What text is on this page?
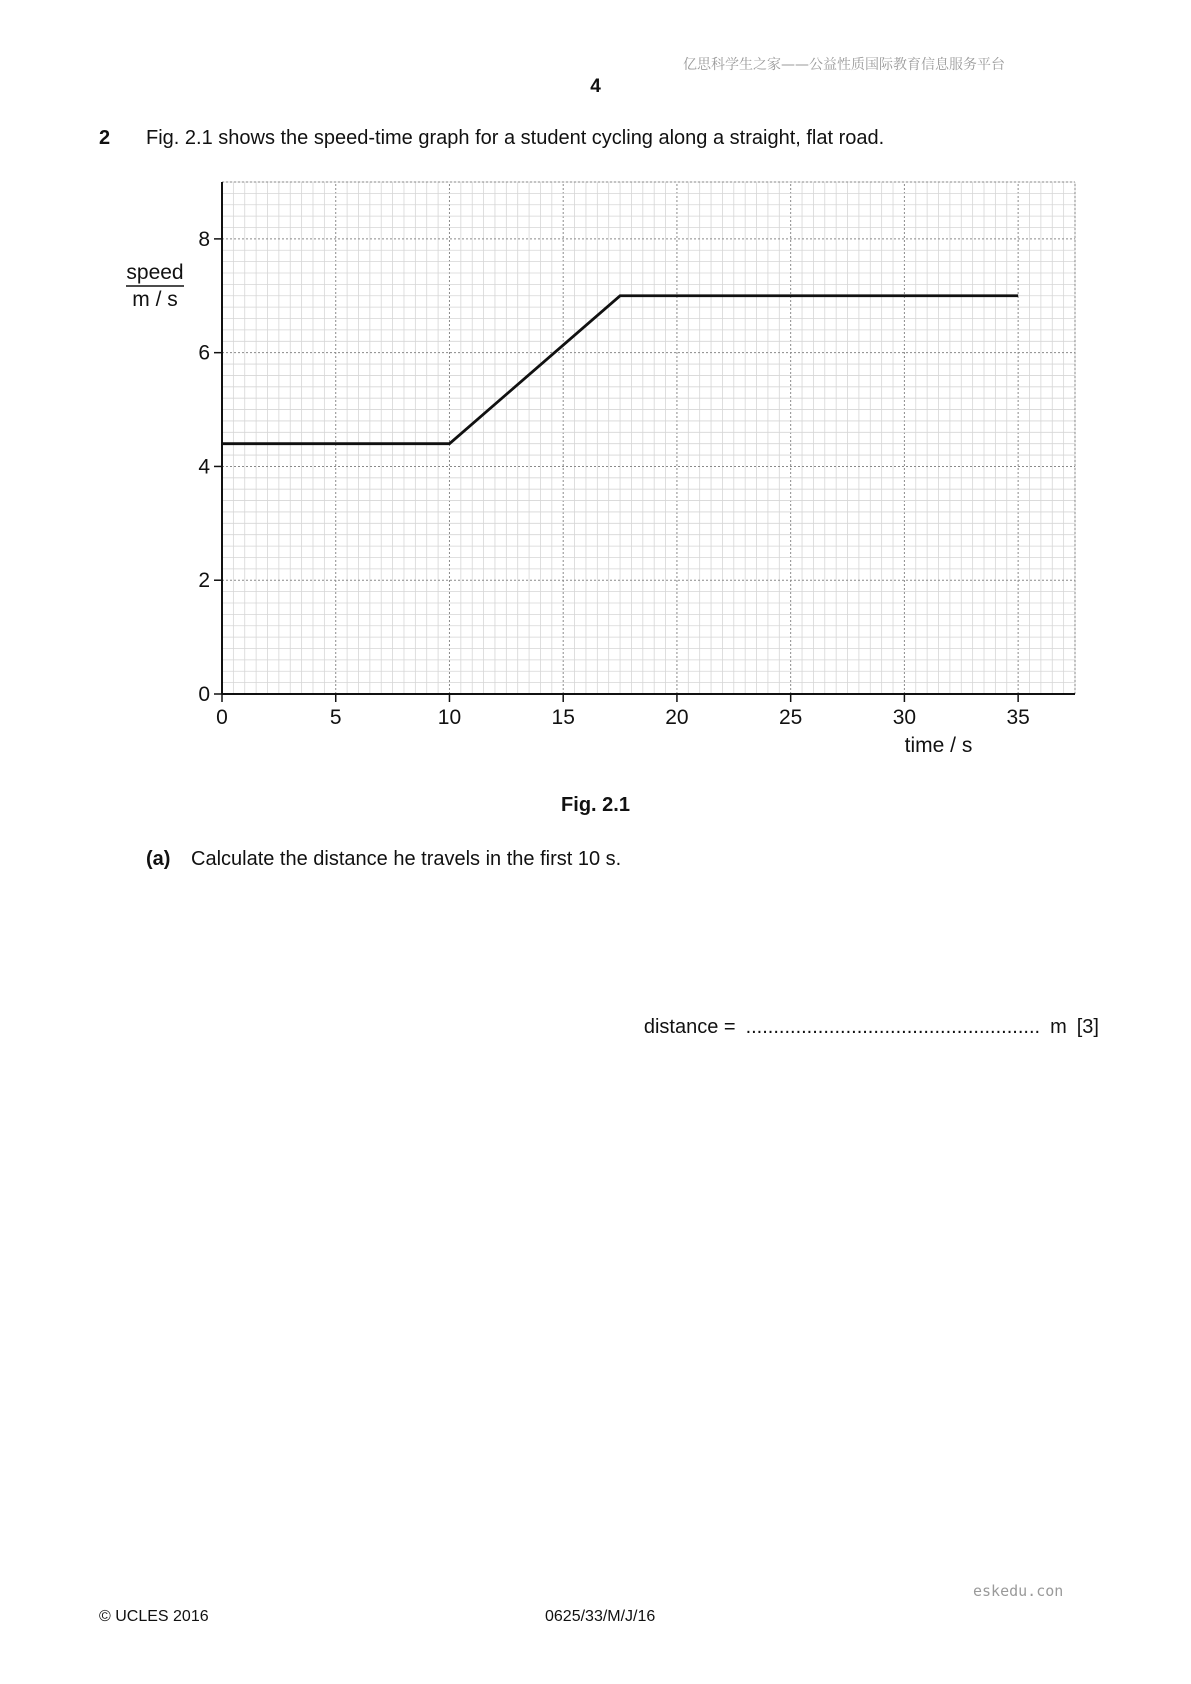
亿思科学生之家——公益性质国际教育信息服务平台
4
2 Fig. 2.1 shows the speed-time graph for a student cycling along a straight, flat road.
0	5	10	15	20	25	30	35
0
2
4
6
8
speed
m / s
time / s
Fig. 2.1
(a) Calculate the distance he travels in the first 10 s.
distance = ..................................................... m [3]
eskedu.con
© UCLES 2016	0625/33/M/J/16
